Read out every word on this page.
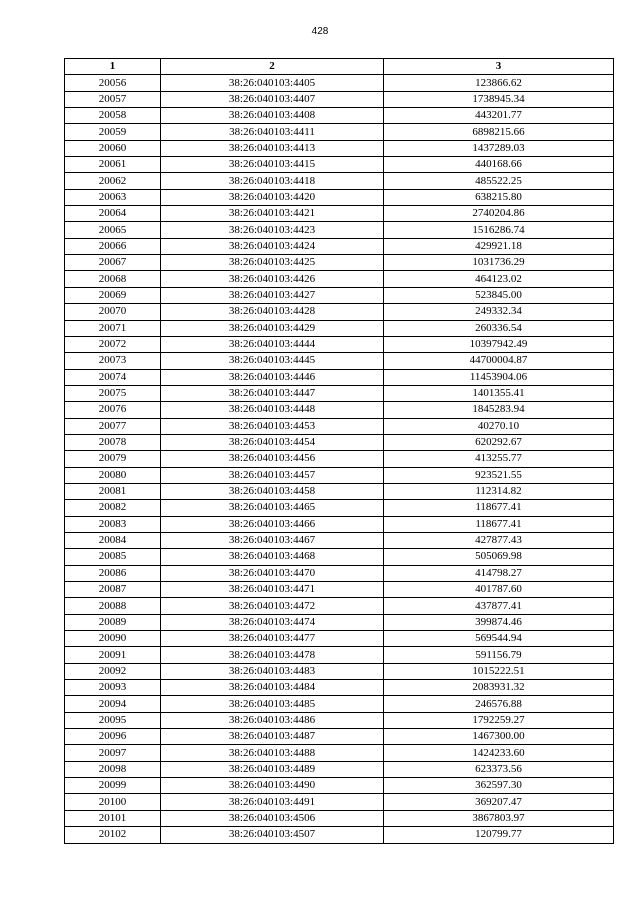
428
1	2	3
20056	38:26:040103:4405	123866.62
20057	38:26:040103:4407	1738945.34
20058	38:26:040103:4408	443201.77
20059	38:26:040103:4411	6898215.66
20060	38:26:040103:4413	1437289.03
20061	38:26:040103:4415	440168.66
20062	38:26:040103:4418	485522.25
20063	38:26:040103:4420	638215.80
20064	38:26:040103:4421	2740204.86
20065	38:26:040103:4423	1516286.74
20066	38:26:040103:4424	429921.18
20067	38:26:040103:4425	1031736.29
20068	38:26:040103:4426	464123.02
20069	38:26:040103:4427	523845.00
20070	38:26:040103:4428	249332.34
20071	38:26:040103:4429	260336.54
20072	38:26:040103:4444	10397942.49
20073	38:26:040103:4445	44700004.87
20074	38:26:040103:4446	11453904.06
20075	38:26:040103:4447	1401355.41
20076	38:26:040103:4448	1845283.94
20077	38:26:040103:4453	40270.10
20078	38:26:040103:4454	620292.67
20079	38:26:040103:4456	413255.77
20080	38:26:040103:4457	923521.55
20081	38:26:040103:4458	112314.82
20082	38:26:040103:4465	118677.41
20083	38:26:040103:4466	118677.41
20084	38:26:040103:4467	427877.43
20085	38:26:040103:4468	505069.98
20086	38:26:040103:4470	414798.27
20087	38:26:040103:4471	401787.60
20088	38:26:040103:4472	437877.41
20089	38:26:040103:4474	399874.46
20090	38:26:040103:4477	569544.94
20091	38:26:040103:4478	591156.79
20092	38:26:040103:4483	1015222.51
20093	38:26:040103:4484	2083931.32
20094	38:26:040103:4485	246576.88
20095	38:26:040103:4486	1792259.27
20096	38:26:040103:4487	1467300.00
20097	38:26:040103:4488	1424233.60
20098	38:26:040103:4489	623373.56
20099	38:26:040103:4490	362597.30
20100	38:26:040103:4491	369207.47
20101	38:26:040103:4506	3867803.97
20102	38:26:040103:4507	120799.77
